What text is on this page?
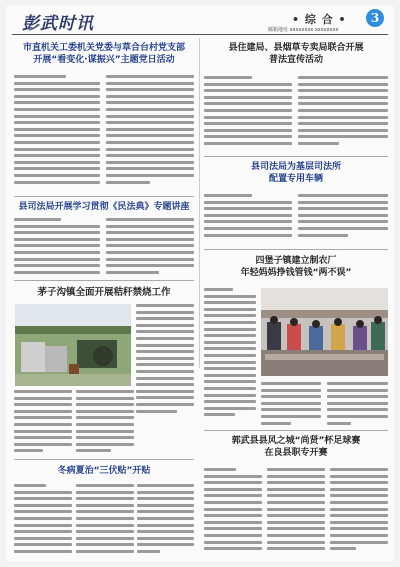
彭武时讯	• 综 合 •	3
邮箱地址 xxxxxxxx xxxxxxxx
市直机关工委机关党委与草合台村党支部
开展“看变化·谋振兴”主题党日活动
县司法局开展学习贯彻《民法典》专题讲座
茅子沟镇全面开展秸秆禁烧工作
冬病夏治“三伏贴”开贴
县住建局、县烟草专卖局联合开展
普法宣传活动
县司法局为基层司法所
配置专用车辆
四堡子镇建立制农厂
年轻妈妈挣钱管钱“两不误”
郭武县县风之城“尚贤”杯足球赛
在良县职专开赛
